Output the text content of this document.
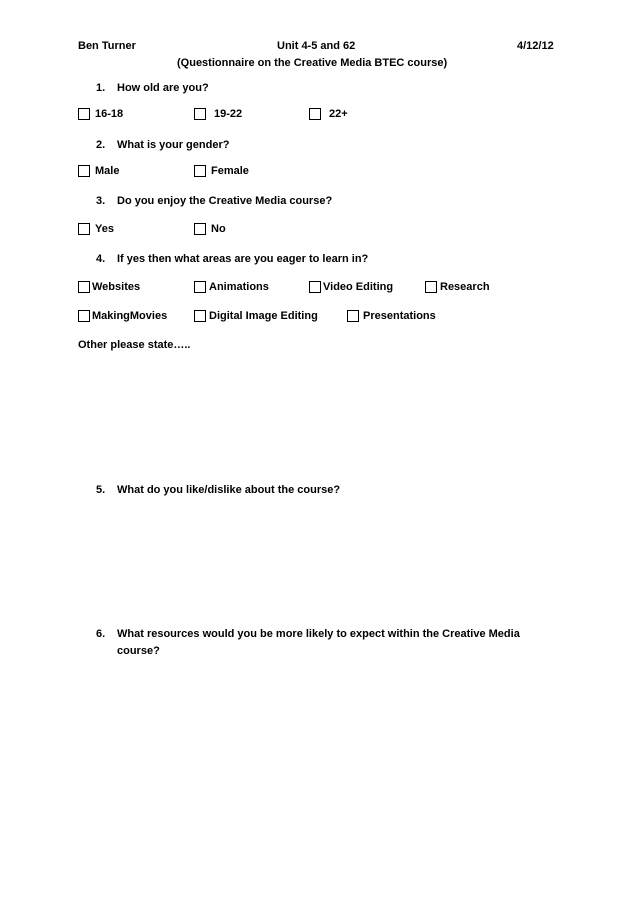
Ben Turner	Unit 4-5 and 62	4/12/12
(Questionnaire on the Creative Media BTEC course)
1. How old are you?
16-18	19-22	22+
2. What is your gender?
Male	Female
3. Do you enjoy the Creative Media course?
Yes	No
4. If yes then what areas are you eager to learn in?
Websites	Animations	Video Editing	Research
MakingMovies	Digital Image Editing	Presentations
Other please state…..
5. What do you like/dislike about the course?
6. What resources would you be more likely to expect within the Creative Media
course?
